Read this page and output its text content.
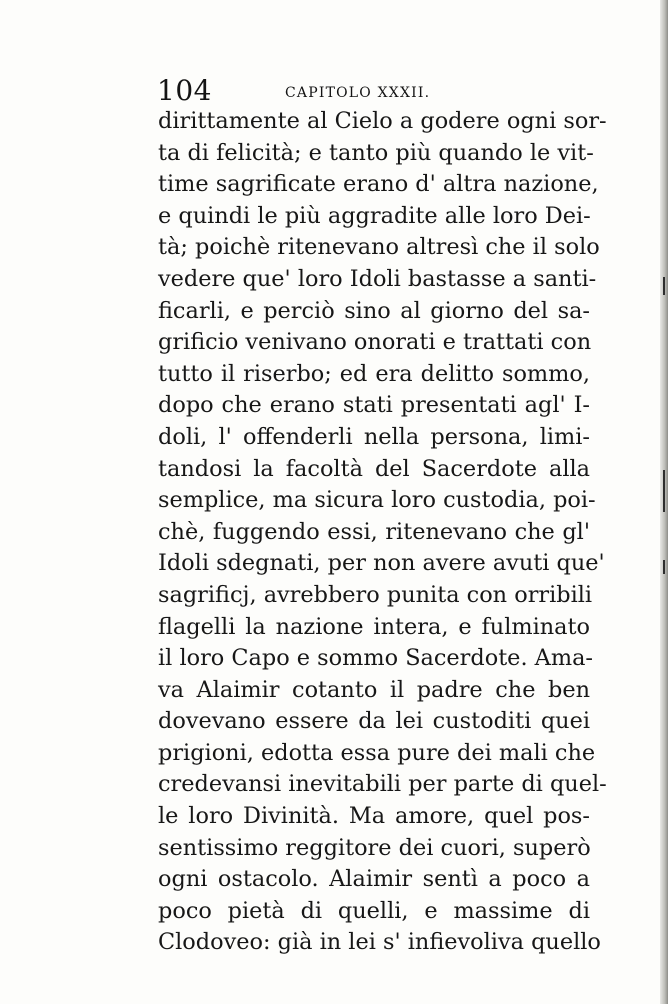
104	CAPITOLO XXXII.
dirittamente al Cielo a godere ogni sor-
ta di felicità; e tanto più quando le vit-
time sagrificate erano d' altra nazione,
e quindi le più aggradite alle loro Dei-
tà; poichè ritenevano altresì che il solo
vedere que' loro Idoli bastasse a santi-
ficarli, e perciò sino al giorno del sa-
grificio venivano onorati e trattati con
tutto il riserbo; ed era delitto sommo,
dopo che erano stati presentati agl' I-
doli, l' offenderli nella persona, limi-
tandosi la facoltà del Sacerdote alla
semplice, ma sicura loro custodia, poi-
chè, fuggendo essi, ritenevano che gl'
Idoli sdegnati, per non avere avuti que'
sagrificj, avrebbero punita con orribili
flagelli la nazione intera, e fulminato
il loro Capo e sommo Sacerdote. Ama-
va Alaimir cotanto il padre che ben
dovevano essere da lei custoditi quei
prigioni, edotta essa pure dei mali che
credevansi inevitabili per parte di quel-
le loro Divinità. Ma amore, quel pos-
sentissimo reggitore dei cuori, superò
ogni ostacolo. Alaimir sentì a poco a
poco pietà di quelli, e massime di
Clodoveo: già in lei s' infievoliva quello
